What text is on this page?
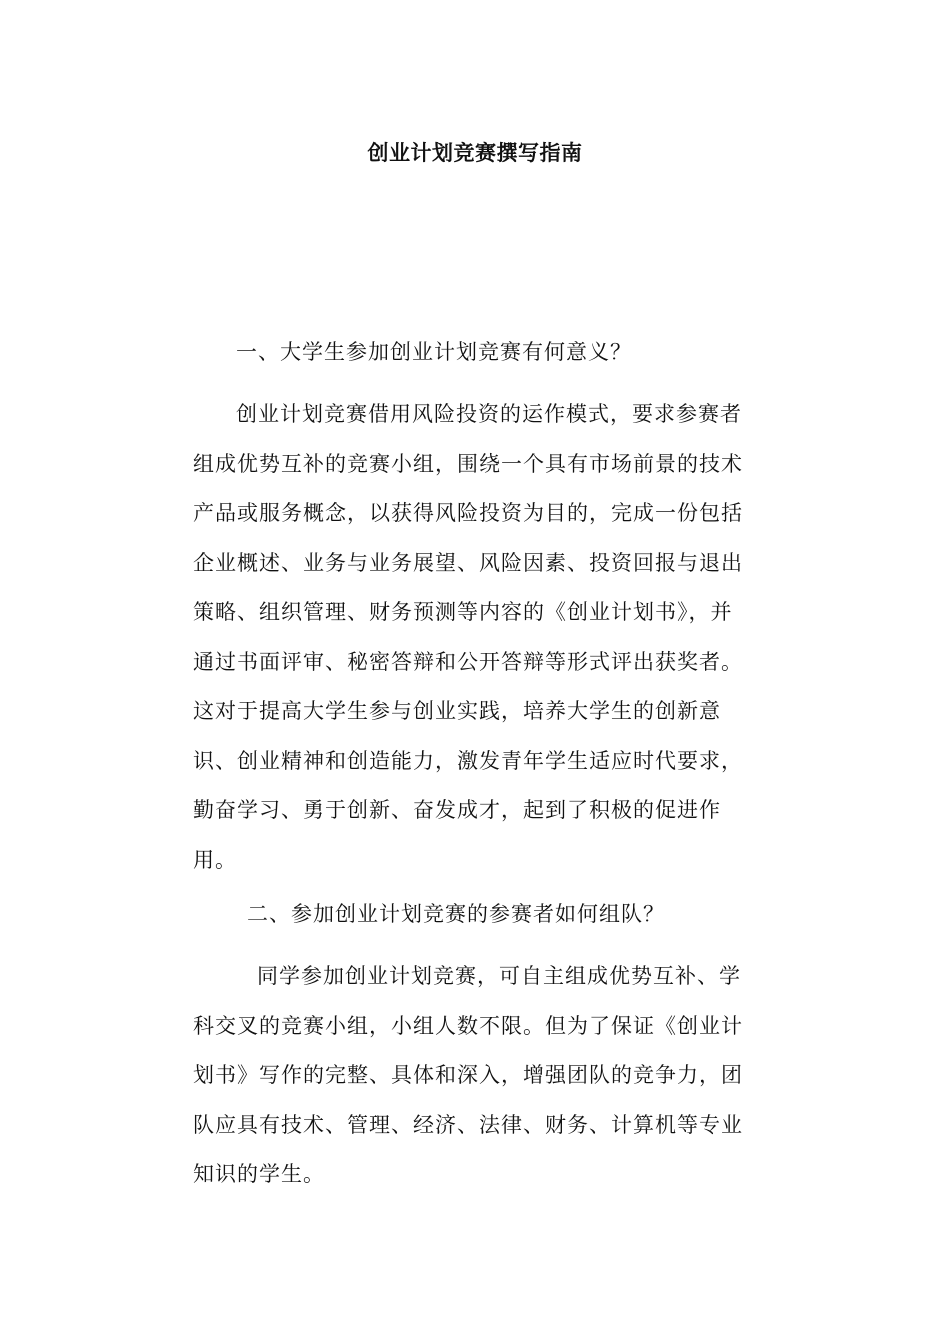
创业计划竞赛撰写指南
一、大学生参加创业计划竞赛有何意义？
创业计划竞赛借用风险投资的运作模式，要求参赛者
组成优势互补的竞赛小组，围绕一个具有市场前景的技术
产品或服务概念，以获得风险投资为目的，完成一份包括
企业概述、业务与业务展望、风险因素、投资回报与退出
策略、组织管理、财务预测等内容的《创业计划书》，并
通过书面评审、秘密答辩和公开答辩等形式评出获奖者。
这对于提高大学生参与创业实践，培养大学生的创新意
识、创业精神和创造能力，激发青年学生适应时代要求，
勤奋学习、勇于创新、奋发成才，起到了积极的促进作
用。
二、参加创业计划竞赛的参赛者如何组队？
同学参加创业计划竞赛，可自主组成优势互补、学
科交叉的竞赛小组，小组人数不限。但为了保证《创业计
划书》写作的完整、具体和深入，增强团队的竞争力，团
队应具有技术、管理、经济、法律、财务、计算机等专业
知识的学生。
